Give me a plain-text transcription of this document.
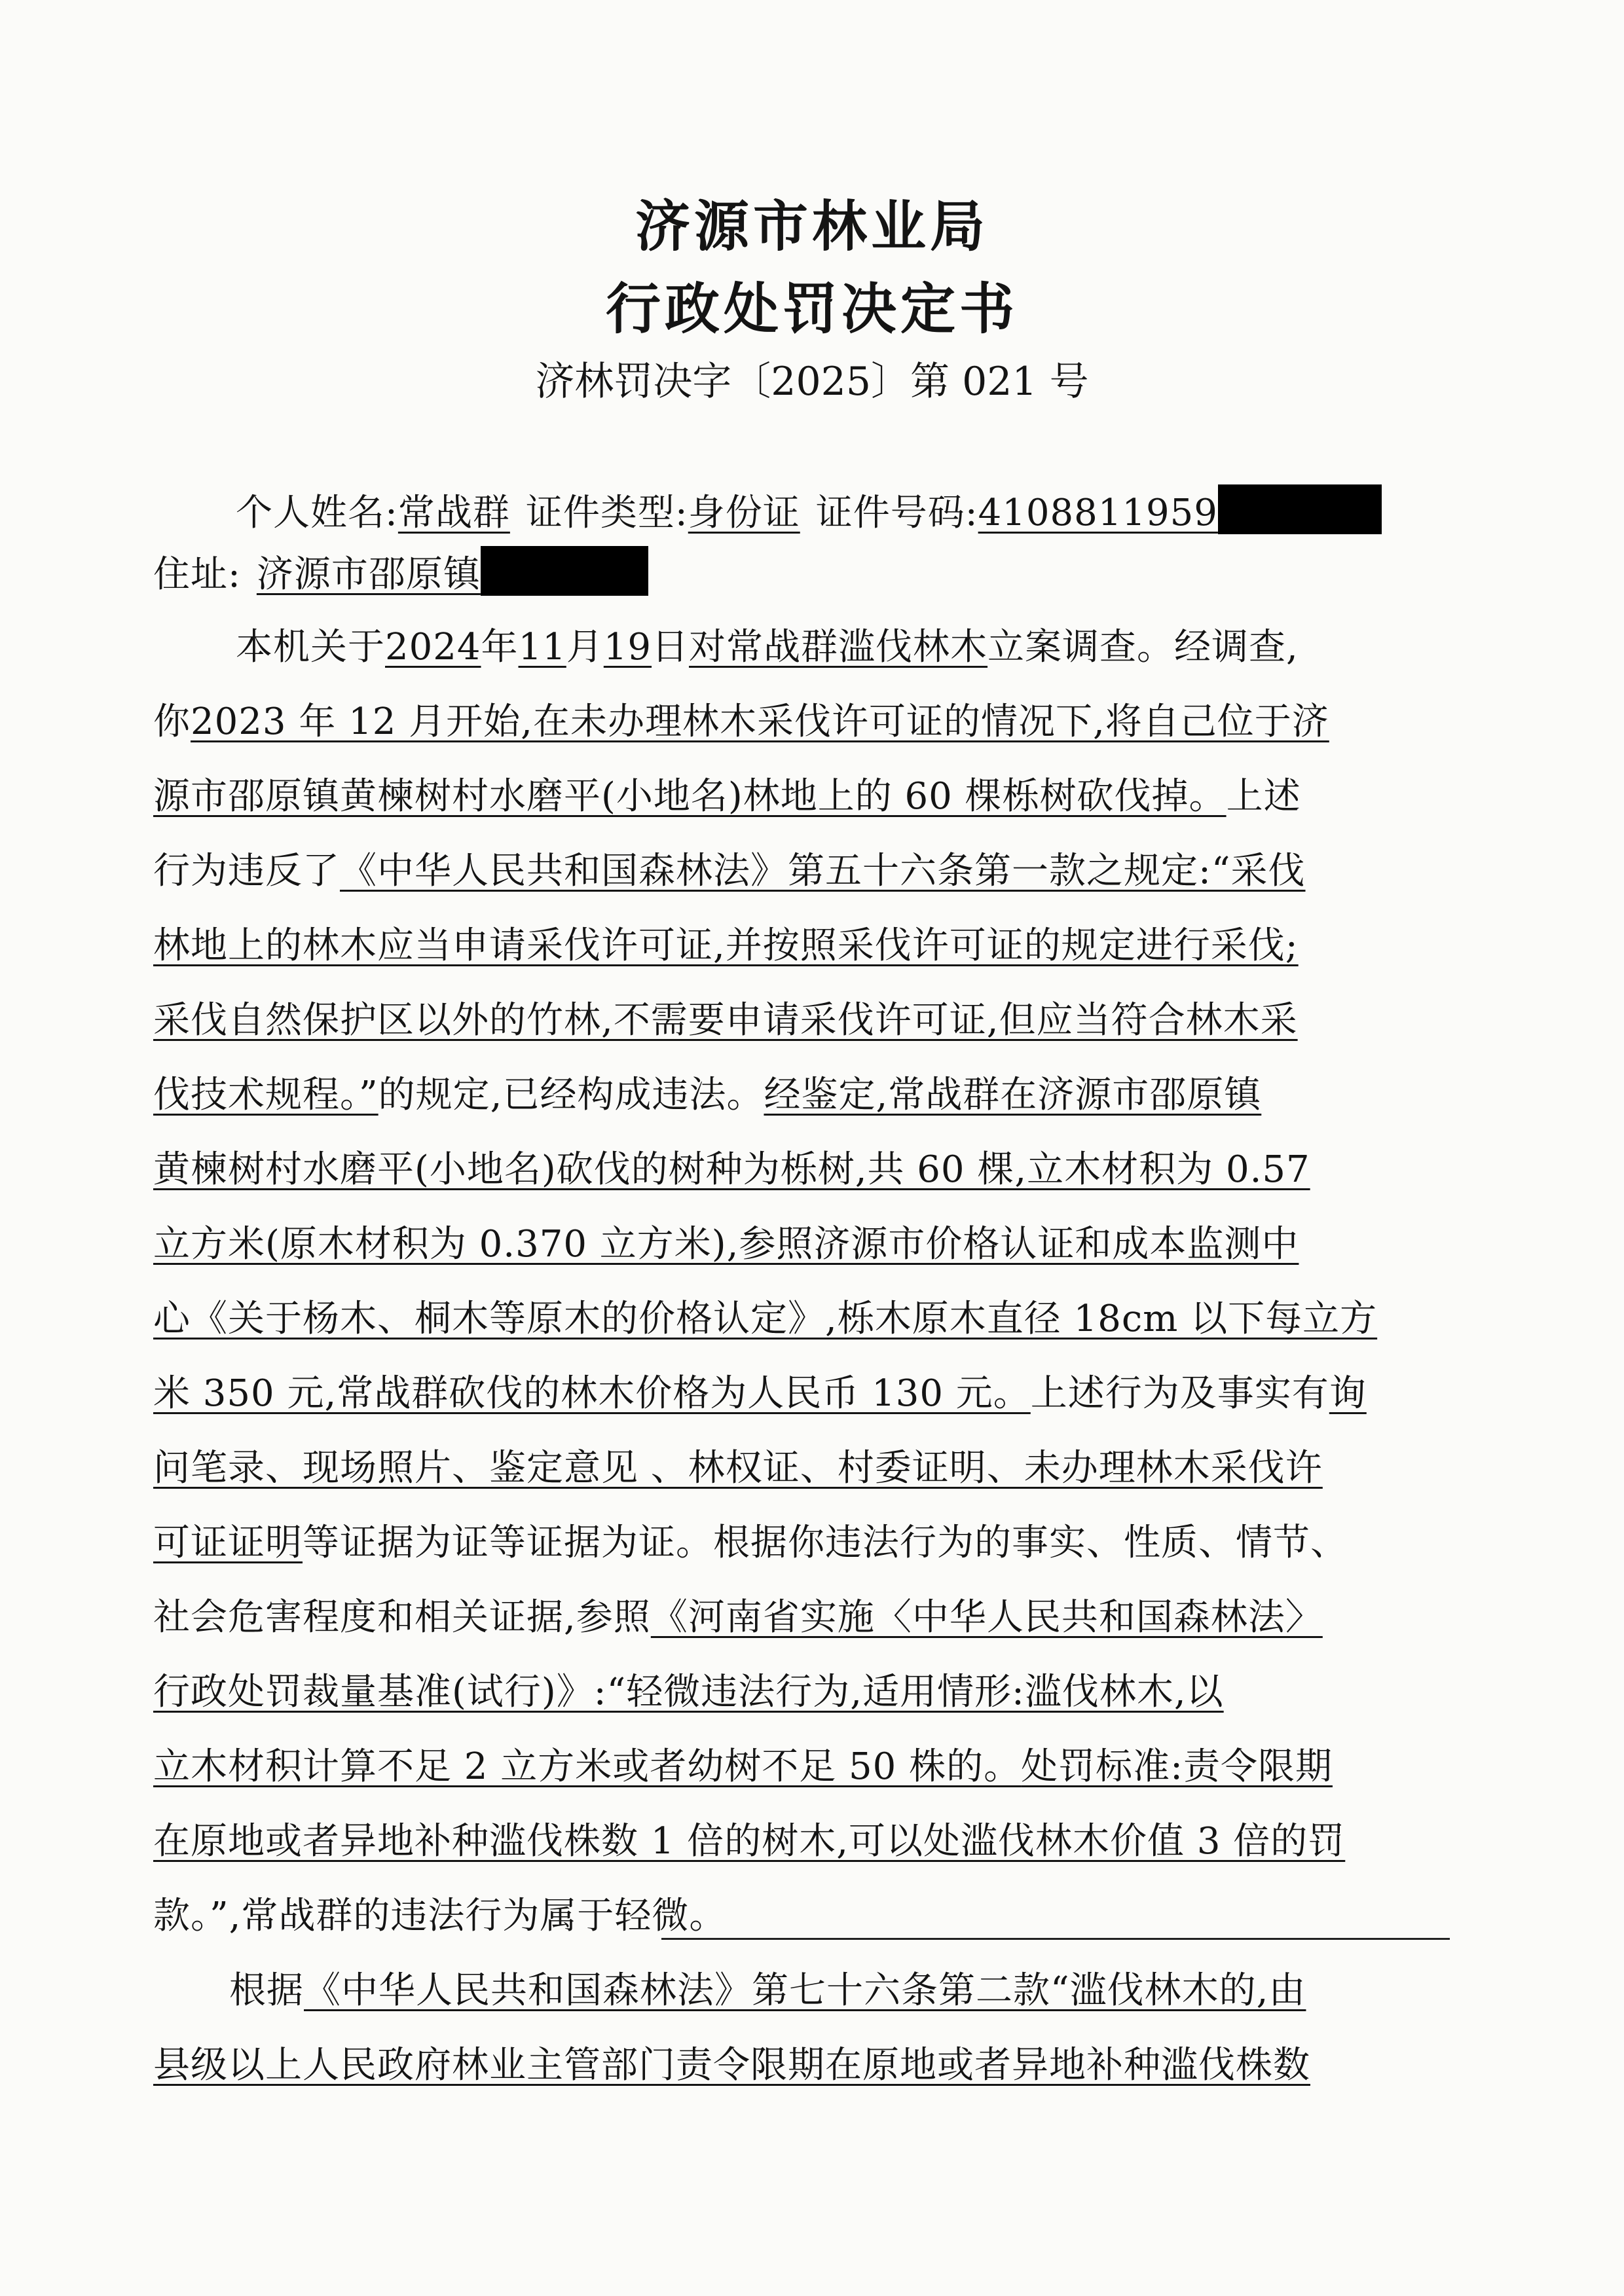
济源市林业局
行政处罚决定书
济林罚决字〔2025〕第 021 号
个人姓名:常战群 证件类型:身份证 证件号码:4108811959
住址: 济源市邵原镇
本机关于2024年11月19日对常战群滥伐林木立案调查。经调查,
你2023 年 12 月开始,在未办理林木采伐许可证的情况下,将自己位于济
源市邵原镇黄楝树村水磨平(小地名)林地上的 60 棵栎树砍伐掉。上述
行为违反了《中华人民共和国森林法》第五十六条第一款之规定:“采伐
林地上的林木应当申请采伐许可证,并按照采伐许可证的规定进行采伐;
采伐自然保护区以外的竹林,不需要申请采伐许可证,但应当符合林木采
伐技术规程。”的规定,已经构成违法。经鉴定,常战群在济源市邵原镇
黄楝树村水磨平(小地名)砍伐的树种为栎树,共 60 棵,立木材积为 0.57
立方米(原木材积为 0.370 立方米),参照济源市价格认证和成本监测中
心《关于杨木、桐木等原木的价格认定》,栎木原木直径 18cm 以下每立方
米 350 元,常战群砍伐的林木价格为人民币 130 元。上述行为及事实有询
问笔录、现场照片、鉴定意见 、林权证、村委证明、未办理林木采伐许
可证证明等证据为证等证据为证。根据你违法行为的事实、性质、情节、
社会危害程度和相关证据,参照《河南省实施〈中华人民共和国森林法〉
行政处罚裁量基准(试行)》:“轻微违法行为,适用情形:滥伐林木,以
立木材积计算不足 2 立方米或者幼树不足 50 株的。处罚标准:责令限期
在原地或者异地补种滥伐株数 1 倍的树木,可以处滥伐林木价值 3 倍的罚
款。”,常战群的违法行为属于轻微。
根据《中华人民共和国森林法》第七十六条第二款“滥伐林木的,由
县级以上人民政府林业主管部门责令限期在原地或者异地补种滥伐株数
